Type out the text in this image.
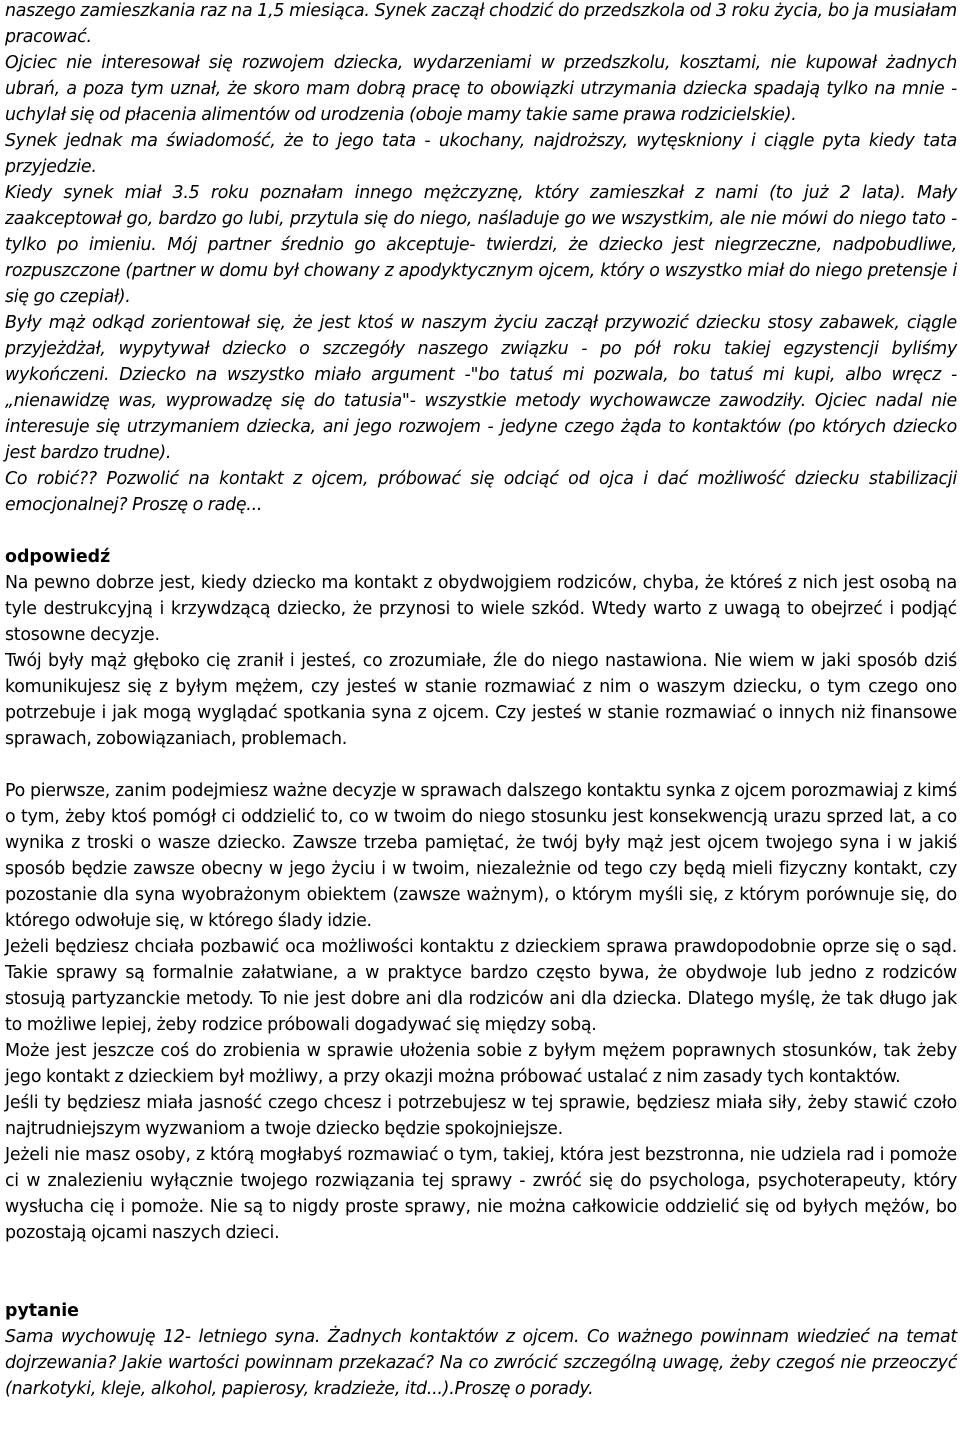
naszego zamieszkania raz na 1,5 miesiąca. Synek zaczął chodzić do przedszkola od 3 roku życia, bo ja musiałam pracować.

Ojciec nie interesował się rozwojem dziecka, wydarzeniami w przedszkolu, kosztami, nie kupował żadnych ubrań, a poza tym uznał, że skoro mam dobrą pracę to obowiązki utrzymania dziecka spadają tylko na mnie - uchylał się od płacenia alimentów od urodzenia (oboje mamy takie same prawa rodzicielskie).

Synek jednak ma świadomość, że to jego tata - ukochany, najdroższy, wytęskniony i ciągle pyta kiedy tata przyjedzie.

Kiedy synek miał 3.5 roku poznałam innego mężczyznę, który zamieszkał z nami (to już 2 lata). Mały zaakceptował go, bardzo go lubi, przytula się do niego, naśladuje go we wszystkim, ale nie mówi do niego tato - tylko po imieniu. Mój partner średnio go akceptuje- twierdzi, że dziecko jest niegrzeczne, nadpobudliwe, rozpuszczone (partner w domu był chowany z apodyktycznym ojcem, który o wszystko miał do niego pretensje i się go czepiał).

Były mąż odkąd zorientował się, że jest ktoś w naszym życiu zaczął przywozić dziecku stosy zabawek, ciągle przyjeżdżał, wypytywał dziecko o szczegóły naszego związku - po pół roku takiej egzystencji byliśmy wykończeni. Dziecko na wszystko miało argument -"bo tatuś mi pozwala, bo tatuś mi kupi, albo wręcz - „nienawidzę was, wyprowadzę się do tatusia"- wszystkie metody wychowawcze zawodziły. Ojciec nadal nie interesuje się utrzymaniem dziecka, ani jego rozwojem - jedyne czego żąda to kontaktów (po których dziecko jest bardzo trudne).

Co robić?? Pozwolić na kontakt z ojcem, próbować się odciąć od ojca i dać możliwość dziecku stabilizacji emocjonalnej? Proszę o radę...

odpowiedź

Na pewno dobrze jest, kiedy dziecko ma kontakt z obydwojgiem rodziców, chyba, że któreś z nich jest osobą na tyle destrukcyjną i krzywdzącą dziecko, że przynosi to wiele szkód. Wtedy warto z uwagą to obejrzeć i podjąć stosowne decyzje.

Twój były mąż głęboko cię zranił i jesteś, co zrozumiałe, źle do niego nastawiona. Nie wiem w jaki sposób dziś komunikujesz się z byłym mężem, czy jesteś w stanie rozmawiać z nim o waszym dziecku, o tym czego ono potrzebuje i jak mogą wyglądać spotkania syna z ojcem. Czy jesteś w stanie rozmawiać o innych niż finansowe sprawach, zobowiązaniach, problemach.

Po pierwsze, zanim podejmiesz ważne decyzje w sprawach dalszego kontaktu synka z ojcem porozmawiaj z kimś o tym, żeby ktoś pomógł ci oddzielić to, co w twoim do niego stosunku jest konsekwencją urazu sprzed lat, a co wynika z troski o wasze dziecko. Zawsze trzeba pamiętać, że twój były mąż jest ojcem twojego syna i w jakiś sposób będzie zawsze obecny w jego życiu i w twoim, niezależnie od tego czy będą mieli fizyczny kontakt, czy pozostanie dla syna wyobrażonym obiektem (zawsze ważnym), o którym myśli się, z którym porównuje się, do którego odwołuje się, w którego ślady idzie.

Jeżeli będziesz chciała pozbawić oca możliwości kontaktu z dzieckiem sprawa prawdopodobnie oprze się o sąd. Takie sprawy są formalnie załatwiane, a w praktyce bardzo często bywa, że obydwoje lub jedno z rodziców stosują partyzanckie metody. To nie jest dobre ani dla rodziców ani dla dziecka. Dlatego myślę, że tak długo jak to możliwe lepiej, żeby rodzice próbowali dogadywać się między sobą.

Może jest jeszcze coś do zrobienia w sprawie ułożenia sobie z byłym mężem poprawnych stosunków, tak żeby jego kontakt z dzieckiem był możliwy, a przy okazji można próbować ustalać z nim zasady tych kontaktów.

Jeśli ty będziesz miała jasność czego chcesz i potrzebujesz w tej sprawie, będziesz miała siły, żeby stawić czoło najtrudniejszym wyzwaniom a twoje dziecko będzie spokojniejsze.

Jeżeli nie masz osoby, z którą mogłabyś rozmawiać o tym, takiej, która jest bezstronna, nie udziela rad i pomoże ci w znalezieniu wyłącznie twojego rozwiązania tej sprawy - zwróć się do psychologa, psychoterapeuty, który wysłucha cię i pomoże. Nie są to nigdy proste sprawy, nie można całkowicie oddzielić się od byłych mężów, bo pozostają ojcami naszych dzieci.

pytanie

Sama wychowuję 12- letniego syna. Żadnych kontaktów z ojcem. Co ważnego powinnam wiedzieć na temat dojrzewania? Jakie wartości powinnam przekazać? Na co zwrócić szczególną uwagę, żeby czegoś nie przeoczyć (narkotyki, kleje, alkohol, papierosy, kradzieże, itd...).Proszę o porady.
